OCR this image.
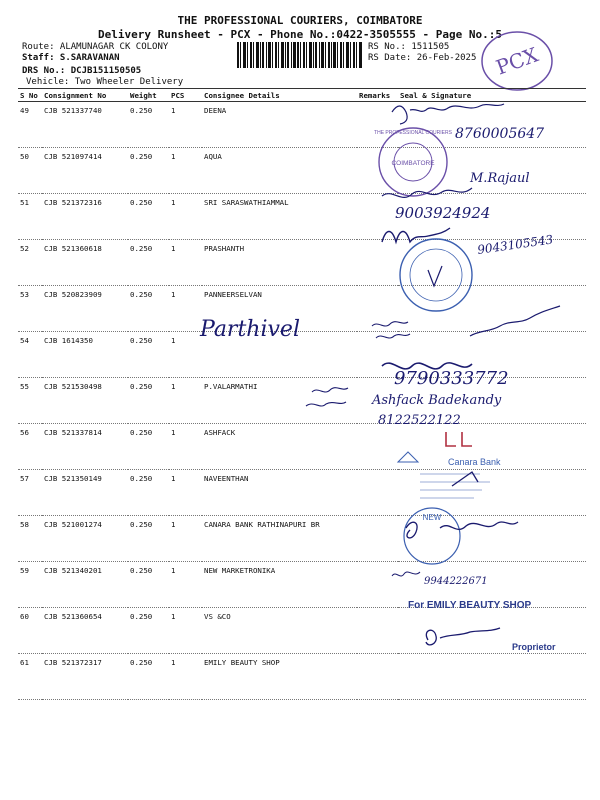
THE PROFESSIONAL COURIERS, COIMBATORE
Delivery Runsheet - PCX - Phone No.:0422-3505555 - Page No.:5
Route: ALAMUNAGAR CK COLONY
Staff: S.SARAVANAN
DRS No.: DCJB151150505
Vehicle: Two Wheeler Delivery
RS No.: 1511505
RS Date: 26-Feb-2025 PCX
S No	Consignment No	Weight	PCS	Consignee Details	Remarks	Seal & Signature
49	CJB 521337740	0.250	1	DEENA		
50	CJB 521097414	0.250	1	AQUA		
51	CJB 521372316	0.250	1	SRI SARASWATHIAMMAL		
52	CJB 521360618	0.250	1	PRASHANTH		
53	CJB 520823909	0.250	1	PANNEERSELVAN		
54	CJB 1614350	0.250	1			
55	CJB 521530498	0.250	1	P.VALARMATHI		
56	CJB 521337814	0.250	1	ASHFACK		
57	CJB 521350149	0.250	1	NAVEENTHAN		
58	CJB 521001274	0.250	1	CANARA BANK RATHINAPURI BR		
59	CJB 521340201	0.250	1	NEW MARKETRONIKA		
60	CJB 521360654	0.250	1	VS &CO		
61	CJB 521372317	0.250	1	EMILY BEAUTY SHOP		
8760005647
COIMBATORE
THE PROFESSIONAL COURIERS
M.Rajaul
9003924924
9043105543
Parthivel
9790333772
Ashfack Badekandy
8122522122
Canara Bank
NEW
9944222671
For EMILY BEAUTY SHOP
Proprietor
